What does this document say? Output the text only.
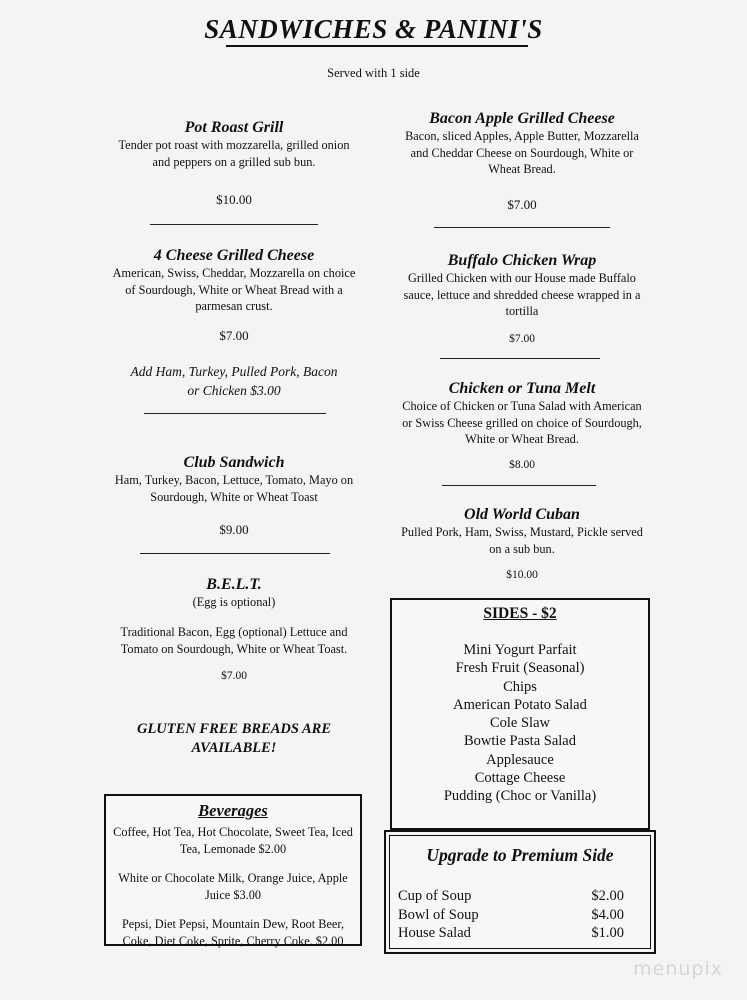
SANDWICHES & PANINI'S
Served with 1 side
Pot Roast Grill
Tender pot roast with mozzarella, grilled onion
and peppers on a grilled sub bun.
$10.00
4 Cheese Grilled Cheese
American, Swiss, Cheddar, Mozzarella on choice
of Sourdough, White or Wheat Bread with a
parmesan crust.
$7.00
Add Ham, Turkey, Pulled Pork, Bacon
or Chicken $3.00
Club Sandwich
Ham, Turkey, Bacon, Lettuce, Tomato, Mayo on
Sourdough, White or Wheat Toast
$9.00
B.E.L.T.
(Egg is optional)
Traditional Bacon, Egg (optional) Lettuce and
Tomato on Sourdough, White or Wheat Toast.
$7.00
GLUTEN FREE BREADS ARE
AVAILABLE!
Beverages
Coffee, Hot Tea, Hot Chocolate, Sweet Tea, Iced
Tea, Lemonade $2.00
White or Chocolate Milk, Orange Juice, Apple
Juice $3.00
Pepsi, Diet Pepsi, Mountain Dew, Root Beer,
Coke, Diet Coke, Sprite, Cherry Coke. $2.00
Bacon Apple Grilled Cheese
Bacon, sliced Apples, Apple Butter, Mozzarella
and Cheddar Cheese on Sourdough, White or
Wheat Bread.
$7.00
Buffalo Chicken Wrap
Grilled Chicken with our House made Buffalo
sauce, lettuce and shredded cheese wrapped in a
tortilla
$7.00
Chicken or Tuna Melt
Choice of Chicken or Tuna Salad with American
or Swiss Cheese grilled on choice of Sourdough,
White or Wheat Bread.
$8.00
Old World Cuban
Pulled Pork, Ham, Swiss, Mustard, Pickle served
on a sub bun.
$10.00
SIDES - $2
Mini Yogurt Parfait
Fresh Fruit (Seasonal)
Chips
American Potato Salad
Cole Slaw
Bowtie Pasta Salad
Applesauce
Cottage Cheese
Pudding (Choc or Vanilla)
Upgrade to Premium Side
Cup of Soup	$2.00
Bowl of Soup	$4.00
House Salad	$1.00
menupix
